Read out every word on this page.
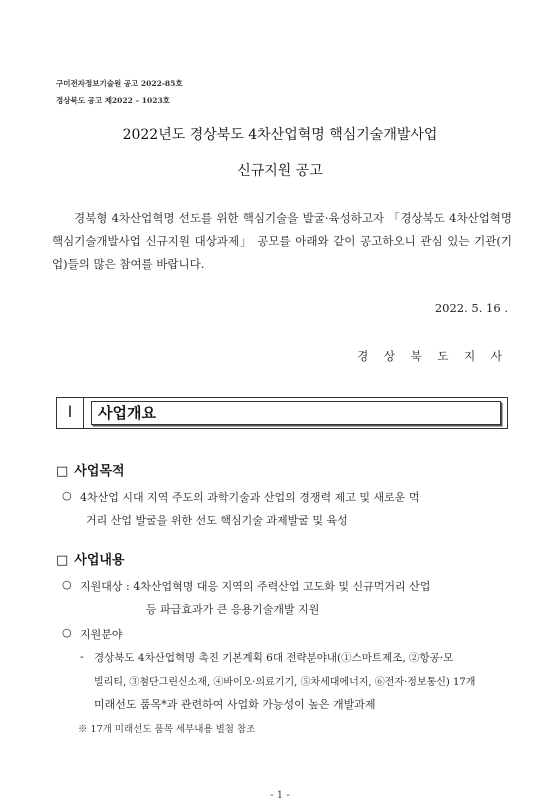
구미전자정보기술원 공고 2022-85호
경상북도 공고 제2022 – 1023호
2022년도 경상북도 4차산업혁명 핵심기술개발사업
신규지원 공고
경북형 4차산업혁명 선도를 위한 핵심기술을 발굴·육성하고자 「경상북도 4차산업혁명 핵심기술개발사업 신규지원 대상과제」 공모를 아래와 같이 공고하오니 관심 있는 기관(기업)들의 많은 참여를 바랍니다.
2022. 5. 16 .
경 상 북 도 지 사
Ⅰ	사업개요
□ 사업목적
○ 4차산업 시대 지역 주도의 과학기술과 산업의 경쟁력 제고 및 새로운 먹
거리 산업 발굴을 위한 선도 핵심기술 과제발굴 및 육성
□ 사업내용
○ 지원대상 : 4차산업혁명 대응 지역의 주력산업 고도화 및 신규먹거리 산업
등 파급효과가 큰 응용기술개발 지원
○ 지원분야
- 경상북도 4차산업혁명 촉진 기본계획 6대 전략분야내(①스마트제조, ②항공·모
빌리티, ③첨단그린신소재, ④바이오·의료기기, ⑤차세대에너지, ⑥전자·정보통신) 17개
미래선도 품목*과 관련하여 사업화 가능성이 높은 개발과제
※ 17개 미래선도 품목 세부내용 별첨 참조
- 1 -
